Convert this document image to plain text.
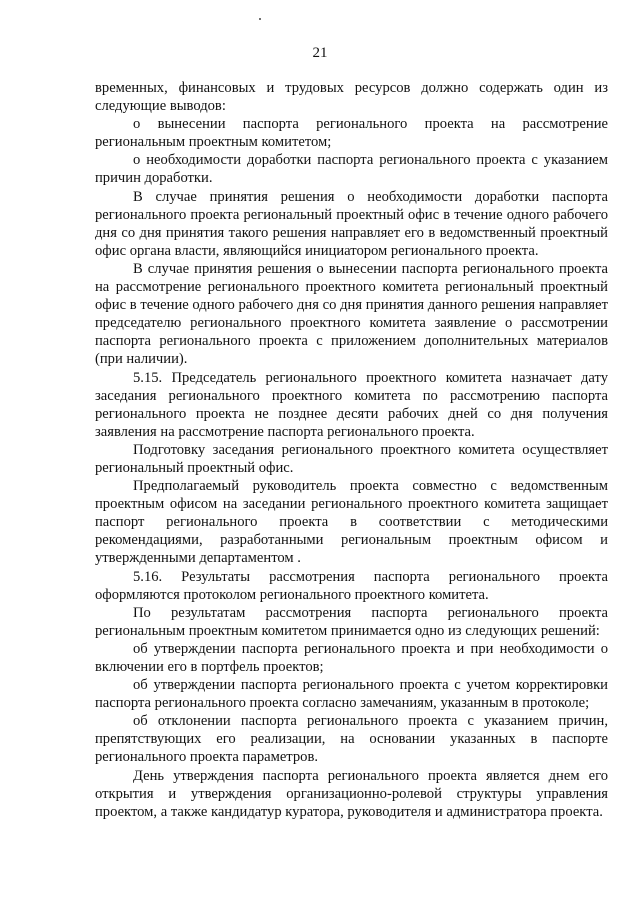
21

временных, финансовых и трудовых ресурсов должно содержать один из следующие выводов:

о вынесении паспорта регионального проекта на рассмотрение региональным проектным комитетом;

о необходимости доработки паспорта регионального проекта с указанием причин доработки.

В случае принятия решения о необходимости доработки паспорта регионального проекта региональный проектный офис в течение одного рабочего дня со дня принятия такого решения направляет его в ведомственный проектный офис органа власти, являющийся инициатором регионального проекта.

В случае принятия решения о вынесении паспорта регионального проекта на рассмотрение регионального проектного комитета региональный проектный офис в течение одного рабочего дня со дня принятия данного решения направляет председателю регионального проектного комитета заявление о рассмотрении паспорта регионального проекта с приложением дополнительных материалов (при наличии).

5.15. Председатель регионального проектного комитета назначает дату заседания регионального проектного комитета по рассмотрению паспорта регионального проекта не позднее десяти рабочих дней со дня получения заявления на рассмотрение паспорта регионального проекта.

Подготовку заседания регионального проектного комитета осуществляет региональный проектный офис.

Предполагаемый руководитель проекта совместно с ведомственным проектным офисом на заседании регионального проектного комитета защищает паспорт регионального проекта в соответствии с методическими рекомендациями, разработанными региональным проектным офисом и утвержденными департаментом .

5.16. Результаты рассмотрения паспорта регионального проекта оформляются протоколом регионального проектного комитета.

По результатам рассмотрения паспорта регионального проекта региональным проектным комитетом принимается одно из следующих решений:

об утверждении паспорта регионального проекта и при необходимости о включении его в портфель проектов;

об утверждении паспорта регионального проекта с учетом корректировки паспорта регионального проекта согласно замечаниям, указанным в протоколе;

об отклонении паспорта регионального проекта с указанием причин, препятствующих его реализации, на основании указанных в паспорте регионального проекта параметров.

День утверждения паспорта регионального проекта является днем его открытия и утверждения организационно-ролевой структуры управления проектом, а также кандидатур куратора, руководителя и администратора проекта.
